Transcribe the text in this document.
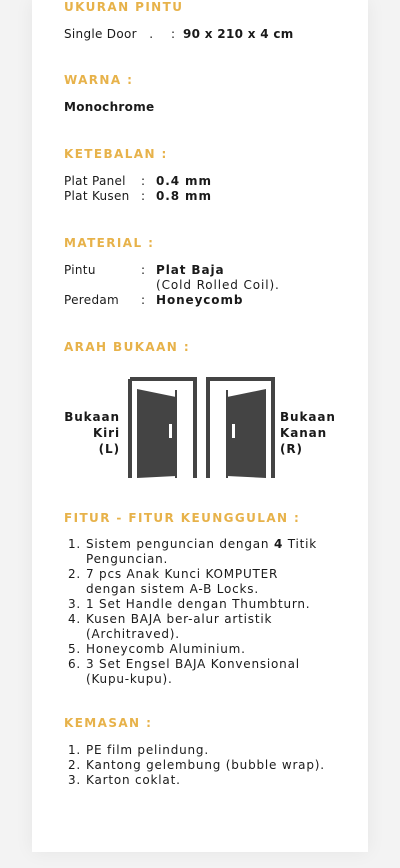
UKURAN PINTU
Single Door   . : 90 x 210 x 4 cm
WARNA :
Monochrome
KETEBALAN :
Plat Panel : 0.4 mm
Plat Kusen : 0.8 mm
MATERIAL :
Pintu	: Plat Baja
(Cold Rolled Coil).
Peredam : Honeycomb
ARAH BUKAAN :
Bukaan
Kiri
(L)
Bukaan
Kanan
(R)
FITUR - FITUR KEUNGGULAN :
1. Sistem penguncian dengan 4 Titik
Penguncian.
2. 7 pcs Anak Kunci KOMPUTER
dengan sistem A-B Locks.
3. 1 Set Handle dengan Thumbturn.
4. Kusen BAJA ber-alur artistik
(Architraved).
5. Honeycomb Aluminium.
6. 3 Set Engsel BAJA Konvensional
(Kupu-kupu).
KEMASAN :
1. PE film pelindung.
2. Kantong gelembung (bubble wrap).
3. Karton coklat.
